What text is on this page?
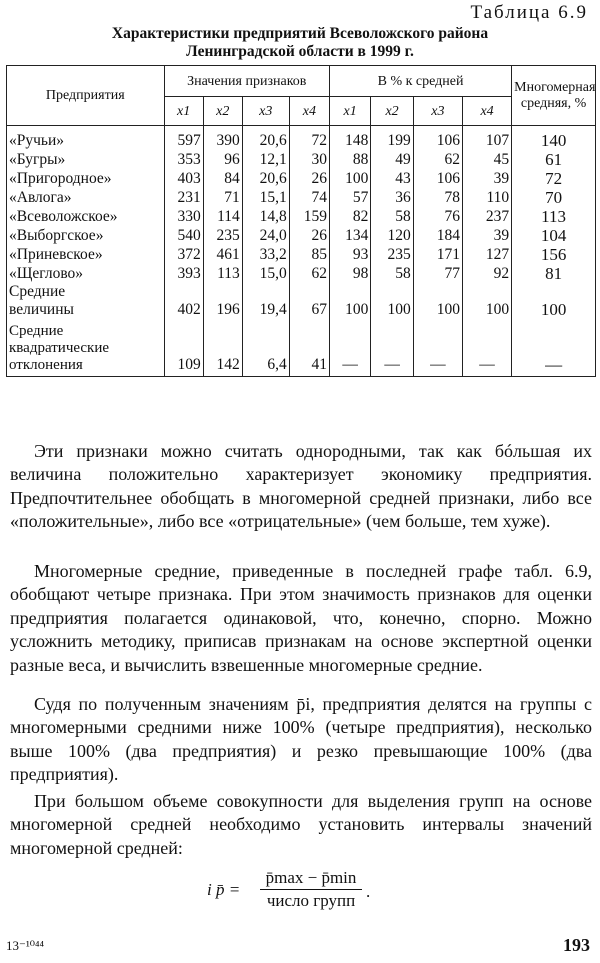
Таблица 6.9
Характеристики предприятий Всеволожского района
Ленинградской области в 1999 г.
Предприятия	Значения признаков				В % к средней				Многомерная средняя, %
	x1	x2	x3	x4	x1	x2	x3	x4	
«Ручьи»	597	390	20,6	72	148	199	106	107	140
«Бугры»	353	96	12,1	30	88	49	62	45	61
«Пригородное»	403	84	20,6	26	100	43	106	39	72
«Авлога»	231	71	15,1	74	57	36	78	110	70
«Всеволожское»	330	114	14,8	159	82	58	76	237	113
«Выборгское»	540	235	24,0	26	134	120	184	39	104
«Приневское»	372	461	33,2	85	93	235	171	127	156
«Щеглово»	393	113	15,0	62	98	58	77	92	81
Средние величины	402	196	19,4	67	100	100	100	100	100
Средние квадратические отклонения	109	142	6,4	41	—	—	—	—	—
Эти признаки можно считать однородными, так как бóльшая их величина положительно характеризует экономику предприятия. Предпочтительнее обобщать в многомерной средней признаки, либо все «положительные», либо все «отрицательные» (чем больше, тем хуже).
Многомерные средние, приведенные в последней графе табл. 6.9, обобщают четыре признака. При этом значимость признаков для оценки предприятия полагается одинаковой, что, конечно, спорно. Можно усложнить методику, приписав признакам на основе экспертной оценки разные веса, и вычислить взвешенные многомерные средние.
Судя по полученным значениям p̄i, предприятия делятся на группы с многомерными средними ниже 100% (четыре предприятия), несколько выше 100% (два предприятия) и резко превышающие 100% (два предприятия).
При большом объеме совокупности для выделения групп на основе многомерной средней необходимо установить интервалы значений многомерной средней:
i p̄ =
p̄max − p̄min
число групп .
13⁻¹⁰⁴⁴	193
